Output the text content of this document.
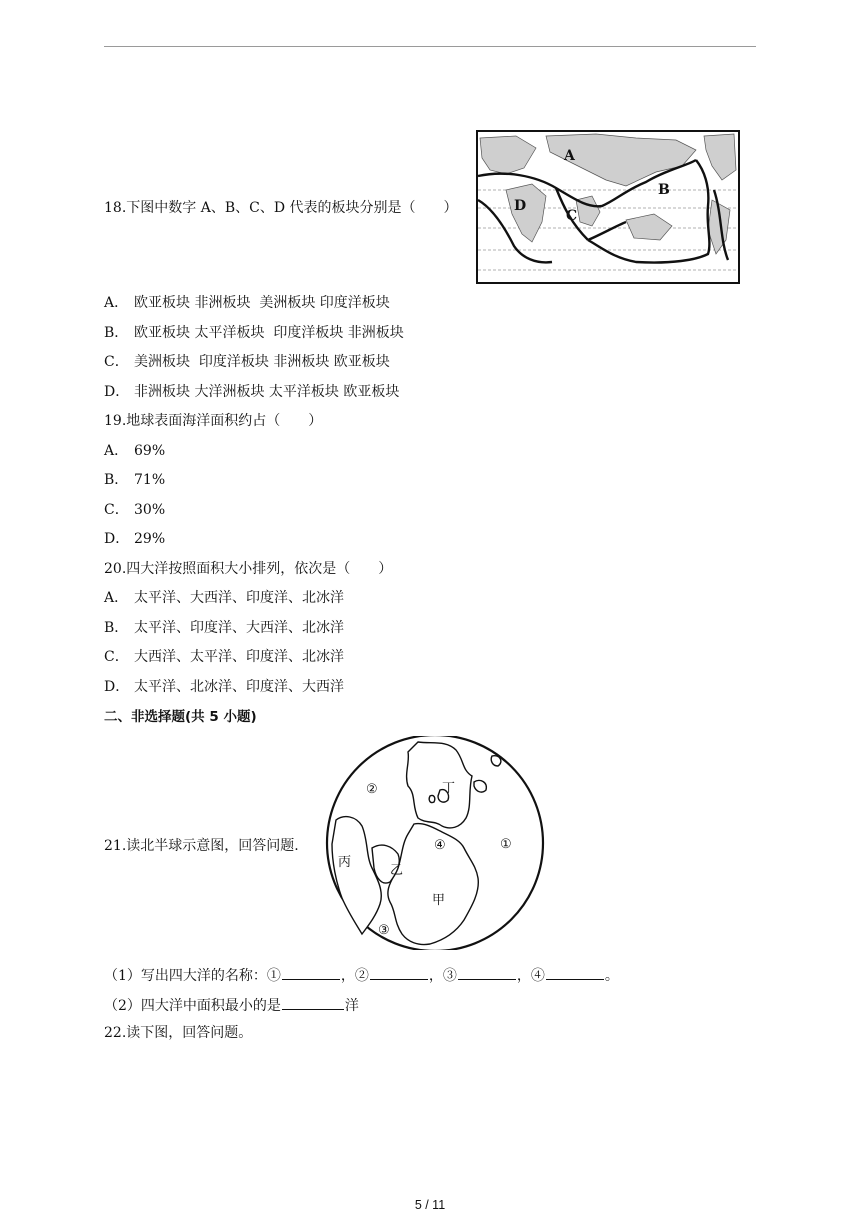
18.下图中数字 A、B、C、D 代表的板块分别是（　　）
A
B
C
D
A． 欧亚板块 非洲板块  美洲板块 印度洋板块
B． 欧亚板块 太平洋板块  印度洋板块 非洲板块
C． 美洲板块  印度洋板块 非洲板块 欧亚板块
D． 非洲板块 大洋洲板块 太平洋板块 欧亚板块
19.地球表面海洋面积约占（　　）
A． 69%
B． 71%
C． 30%
D． 29%
20.四大洋按照面积大小排列，依次是（　　）
A． 太平洋、大西洋、印度洋、北冰洋
B． 太平洋、印度洋、大西洋、北冰洋
C． 大西洋、太平洋、印度洋、北冰洋
D． 太平洋、北冰洋、印度洋、大西洋
二、非选择题(共 5 小题)
21.读北半球示意图，回答问题.
②	丁
①
④
丙
乙
甲
③
（1）写出四大洋的名称：①	，②	，③	，④	。
（2）四大洋中面积最小的是	洋
22.读下图，回答问题。
5 / 11
